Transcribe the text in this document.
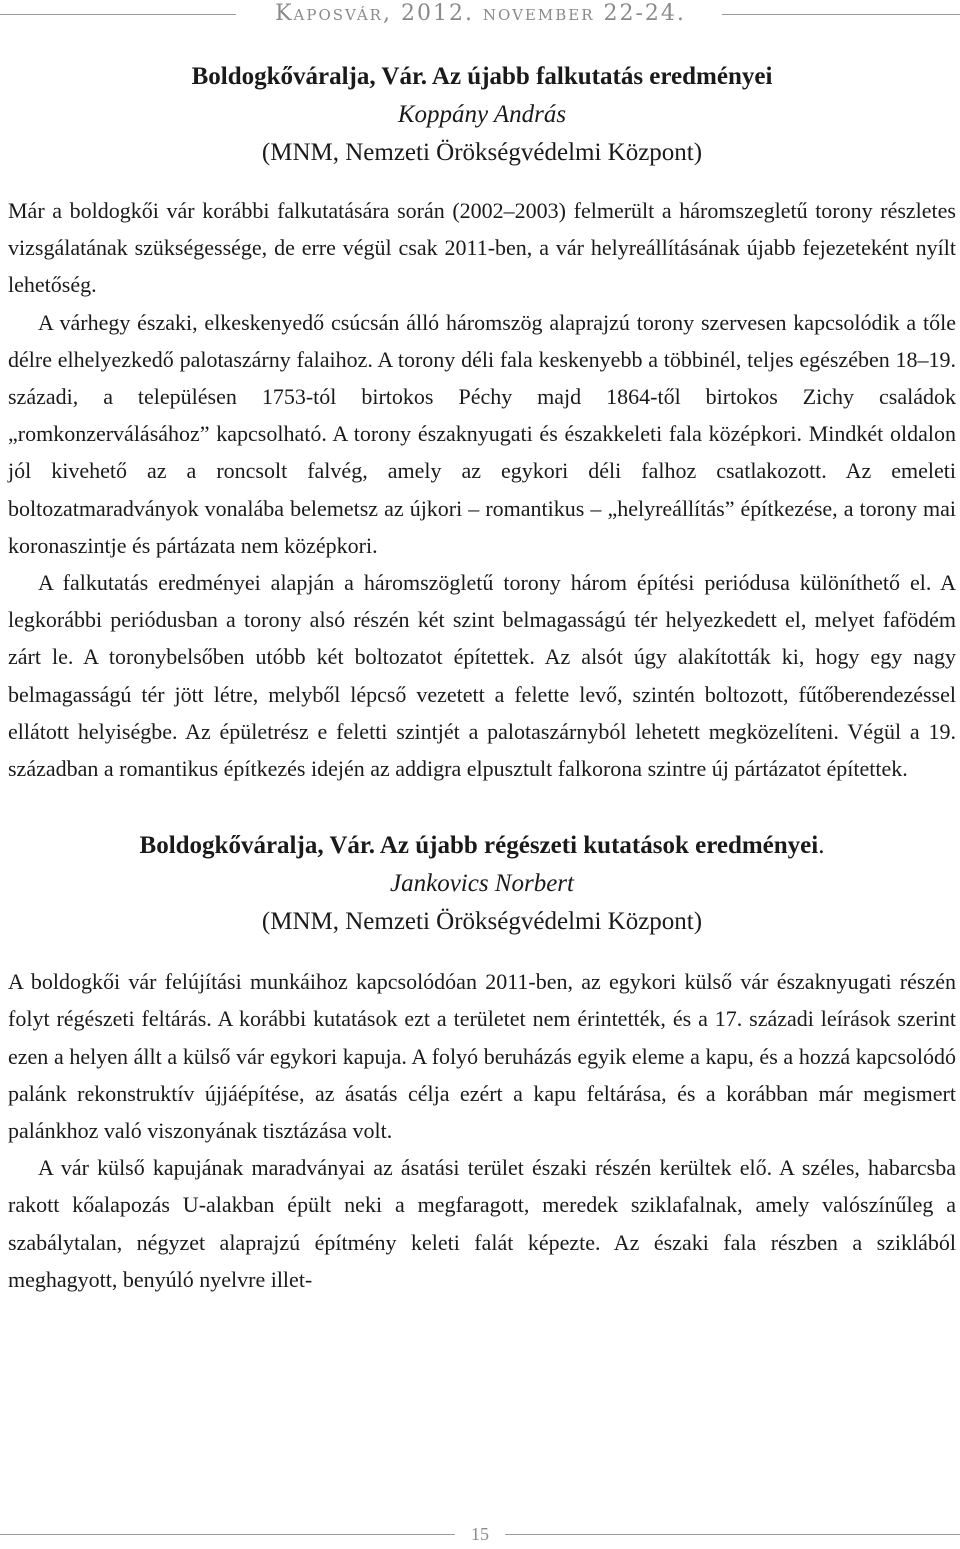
Kaposvár, 2012. november 22-24.

Boldogkőváralja, Vár. Az újabb falkutatás eredményei

Koppány András
(MNM, Nemzeti Örökségvédelmi Központ)

Már a boldogkői vár korábbi falkutatására során (2002–2003) felmerült a háromszegletű torony részletes vizsgálatának szükségessége, de erre végül csak 2011-ben, a vár helyreállításának újabb fejezeteként nyílt lehetőség.

A várhegy északi, elkeskenyedő csúcsán álló háromszög alaprajzú torony szervesen kapcsolódik a tőle délre elhelyezkedő palotaszárny falaihoz. A torony déli fala keskenyebb a többinél, teljes egészében 18–19. századi, a településen 1753-tól birtokos Péchy majd 1864-től birtokos Zichy családok „romkonzerválásához” kapcsolható. A torony északnyugati és északkeleti fala középkori. Mindkét oldalon jól kivehető az a roncsolt falvég, amely az egykori déli falhoz csatlakozott. Az emeleti boltozatmaradványok vonalába belemetsz az újkori – romantikus – „helyreállítás” építkezése, a torony mai koronaszintje és pártázata nem középkori.

A falkutatás eredményei alapján a háromszögletű torony három építési periódusa különíthető el. A legkorábbi periódusban a torony alsó részén két szint belmagasságú tér helyezkedett el, melyet fafödém zárt le. A toronybelsőben utóbb két boltozatot építettek. Az alsót úgy alakították ki, hogy egy nagy belmagasságú tér jött létre, melyből lépcső vezetett a felette levő, szintén boltozott, fűtőberendezéssel ellátott helyiségbe. Az épületrész e feletti szintjét a palotaszárnyból lehetett megközelíteni. Végül a 19. században a romantikus építkezés idején az addigra elpusztult falkorona szintre új pártázatot építettek.

Boldogkőváralja, Vár. Az újabb régészeti kutatások eredményei.

Jankovics Norbert
(MNM, Nemzeti Örökségvédelmi Központ)

A boldogkői vár felújítási munkáihoz kapcsolódóan 2011-ben, az egykori külső vár északnyugati részén folyt régészeti feltárás. A korábbi kutatások ezt a területet nem érintették, és a 17. századi leírások szerint ezen a helyen állt a külső vár egykori kapuja. A folyó beruházás egyik eleme a kapu, és a hozzá kapcsolódó palánk rekonstruktív újjáépítése, az ásatás célja ezért a kapu feltárása, és a korábban már megismert palánkhoz való viszonyának tisztázása volt.

A vár külső kapujának maradványai az ásatási terület északi részén kerültek elő. A széles, habarcsba rakott kőalapozás U-alakban épült neki a megfaragott, meredek sziklafalnak, amely valószínűleg a szabálytalan, négyzet alaprajzú építmény keleti falát képezte. Az északi fala részben a sziklából meghagyott, benyúló nyelvre illet-

15
